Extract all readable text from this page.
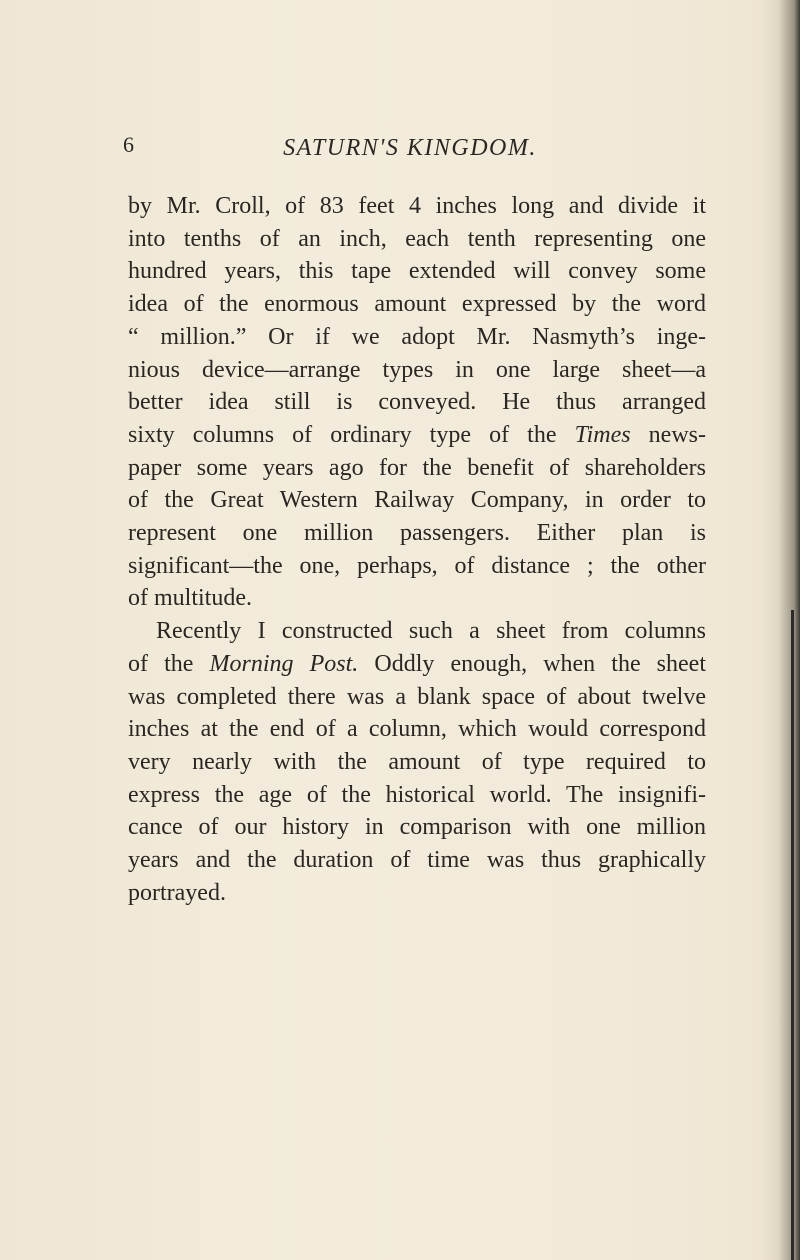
6	SATURN'S KINGDOM.

by Mr. Croll, of 83 feet 4 inches long and divide it
into tenths of an inch, each tenth representing one
hundred years, this tape extended will convey some
idea of the enormous amount expressed by the word
“ million.” Or if we adopt Mr. Nasmyth’s inge-
nious device—arrange types in one large sheet—a
better idea still is conveyed. He thus arranged
sixty columns of ordinary type of the Times news-
paper some years ago for the benefit of shareholders
of the Great Western Railway Company, in order to
represent one million passengers. Either plan is
significant—the one, perhaps, of distance ; the other
of multitude.

Recently I constructed such a sheet from columns
of the Morning Post. Oddly enough, when the sheet
was completed there was a blank space of about twelve
inches at the end of a column, which would correspond
very nearly with the amount of type required to
express the age of the historical world. The insignifi-
cance of our history in comparison with one million
years and the duration of time was thus graphically
portrayed.
